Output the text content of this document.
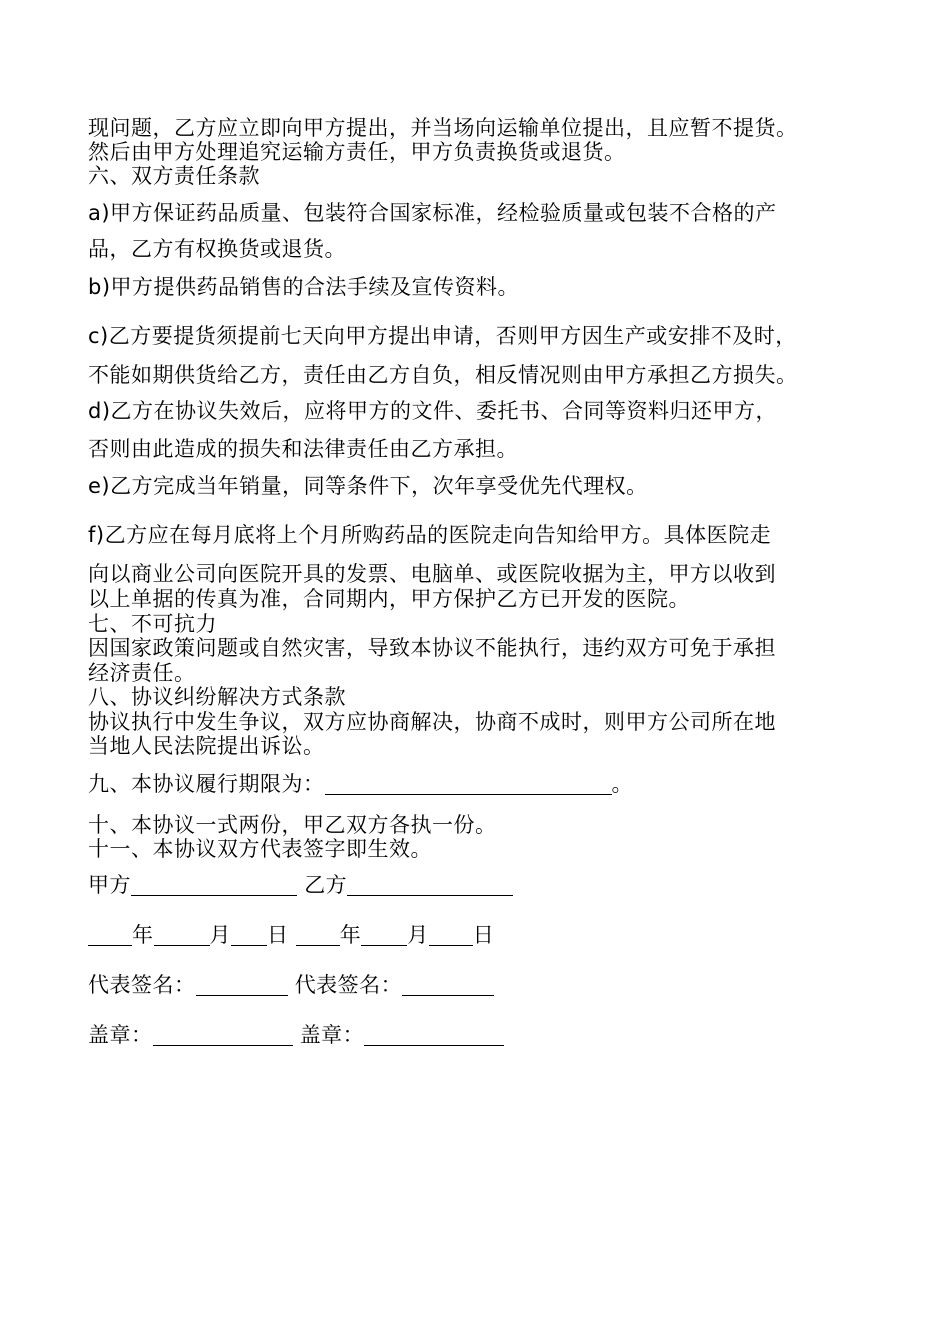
现问题，乙方应立即向甲方提出，并当场向运输单位提出，且应暂不提货。
然后由甲方处理追究运输方责任，甲方负责换货或退货。
六、双方责任条款
a)甲方保证药品质量、包装符合国家标准，经检验质量或包装不合格的产
品，乙方有权换货或退货。
b)甲方提供药品销售的合法手续及宣传资料。
c)乙方要提货须提前七天向甲方提出申请，否则甲方因生产或安排不及时，
不能如期供货给乙方，责任由乙方自负，相反情况则由甲方承担乙方损失。
d)乙方在协议失效后，应将甲方的文件、委托书、合同等资料归还甲方，
否则由此造成的损失和法律责任由乙方承担。
e)乙方完成当年销量，同等条件下，次年享受优先代理权。
f)乙方应在每月底将上个月所购药品的医院走向告知给甲方。具体医院走
向以商业公司向医院开具的发票、电脑单、或医院收据为主，甲方以收到
以上单据的传真为准，合同期内，甲方保护乙方已开发的医院。
七、不可抗力
因国家政策问题或自然灾害，导致本协议不能执行，违约双方可免于承担
经济责任。
八、协议纠纷解决方式条款
协议执行中发生争议，双方应协商解决，协商不成时，则甲方公司所在地
当地人民法院提出诉讼。
九、本协议履行期限为：	。
十、本协议一式两份，甲乙双方各执一份。
十一、本协议双方代表签字即生效。
甲方	乙方
年	月 日 年 月 日
代表签名：	代表签名：
盖章：	盖章：
